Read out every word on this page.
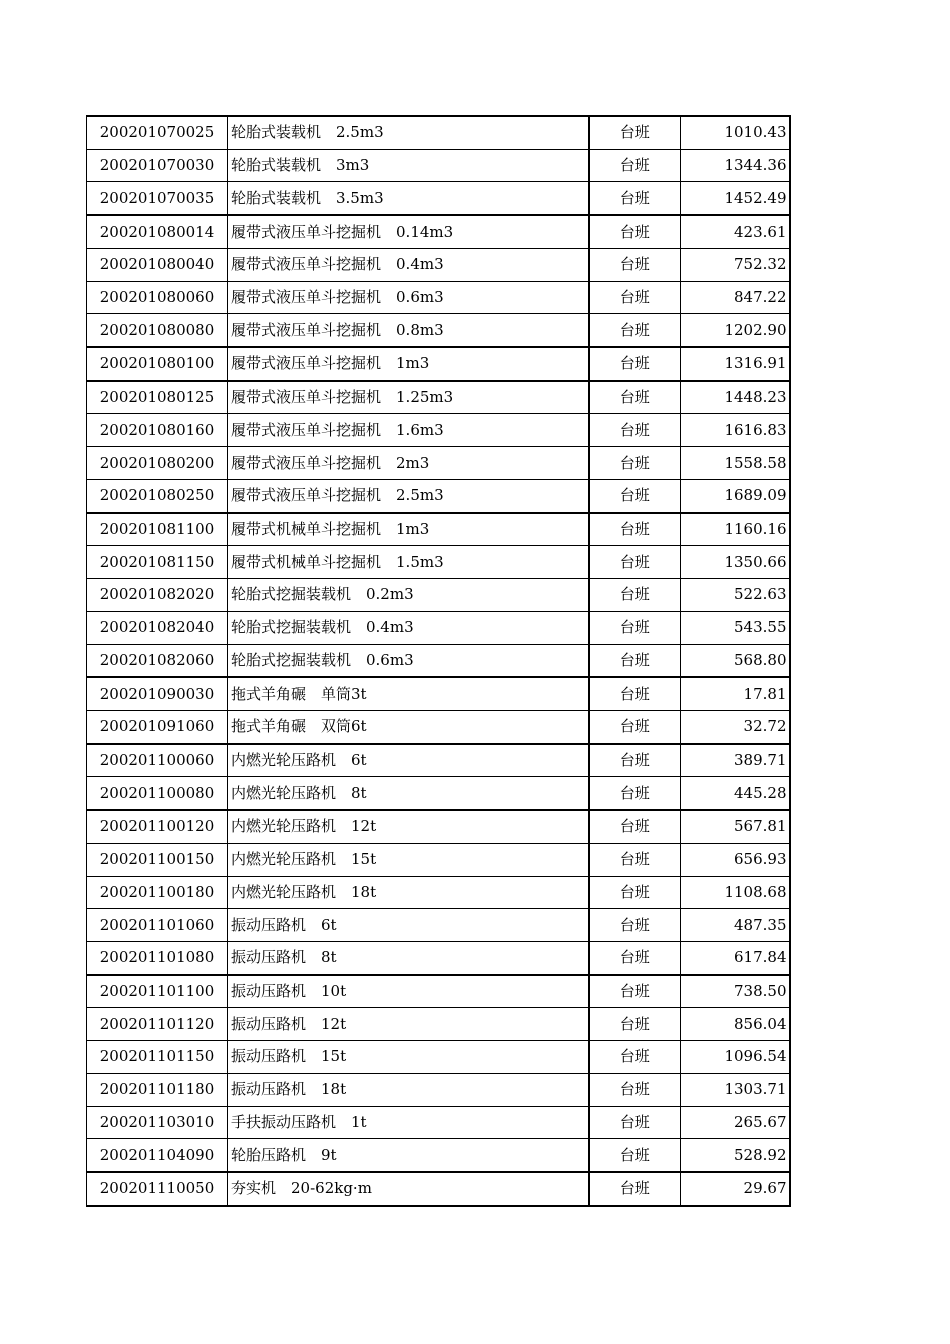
200201070025	轮胎式装载机　2.5m3	台班	1010.43
200201070030	轮胎式装载机　3m3	台班	1344.36
200201070035	轮胎式装载机　3.5m3	台班	1452.49
200201080014	履带式液压单斗挖掘机　0.14m3	台班	423.61
200201080040	履带式液压单斗挖掘机　0.4m3	台班	752.32
200201080060	履带式液压单斗挖掘机　0.6m3	台班	847.22
200201080080	履带式液压单斗挖掘机　0.8m3	台班	1202.90
200201080100	履带式液压单斗挖掘机　1m3	台班	1316.91
200201080125	履带式液压单斗挖掘机　1.25m3	台班	1448.23
200201080160	履带式液压单斗挖掘机　1.6m3	台班	1616.83
200201080200	履带式液压单斗挖掘机　2m3	台班	1558.58
200201080250	履带式液压单斗挖掘机　2.5m3	台班	1689.09
200201081100	履带式机械单斗挖掘机　1m3	台班	1160.16
200201081150	履带式机械单斗挖掘机　1.5m3	台班	1350.66
200201082020	轮胎式挖掘装载机　0.2m3	台班	522.63
200201082040	轮胎式挖掘装载机　0.4m3	台班	543.55
200201082060	轮胎式挖掘装载机　0.6m3	台班	568.80
200201090030	拖式羊角碾　单筒3t	台班	17.81
200201091060	拖式羊角碾　双筒6t	台班	32.72
200201100060	内燃光轮压路机　6t	台班	389.71
200201100080	内燃光轮压路机　8t	台班	445.28
200201100120	内燃光轮压路机　12t	台班	567.81
200201100150	内燃光轮压路机　15t	台班	656.93
200201100180	内燃光轮压路机　18t	台班	1108.68
200201101060	振动压路机　6t	台班	487.35
200201101080	振动压路机　8t	台班	617.84
200201101100	振动压路机　10t	台班	738.50
200201101120	振动压路机　12t	台班	856.04
200201101150	振动压路机　15t	台班	1096.54
200201101180	振动压路机　18t	台班	1303.71
200201103010	手扶振动压路机　1t	台班	265.67
200201104090	轮胎压路机　9t	台班	528.92
200201110050	夯实机　20-62kg·m	台班	29.67
